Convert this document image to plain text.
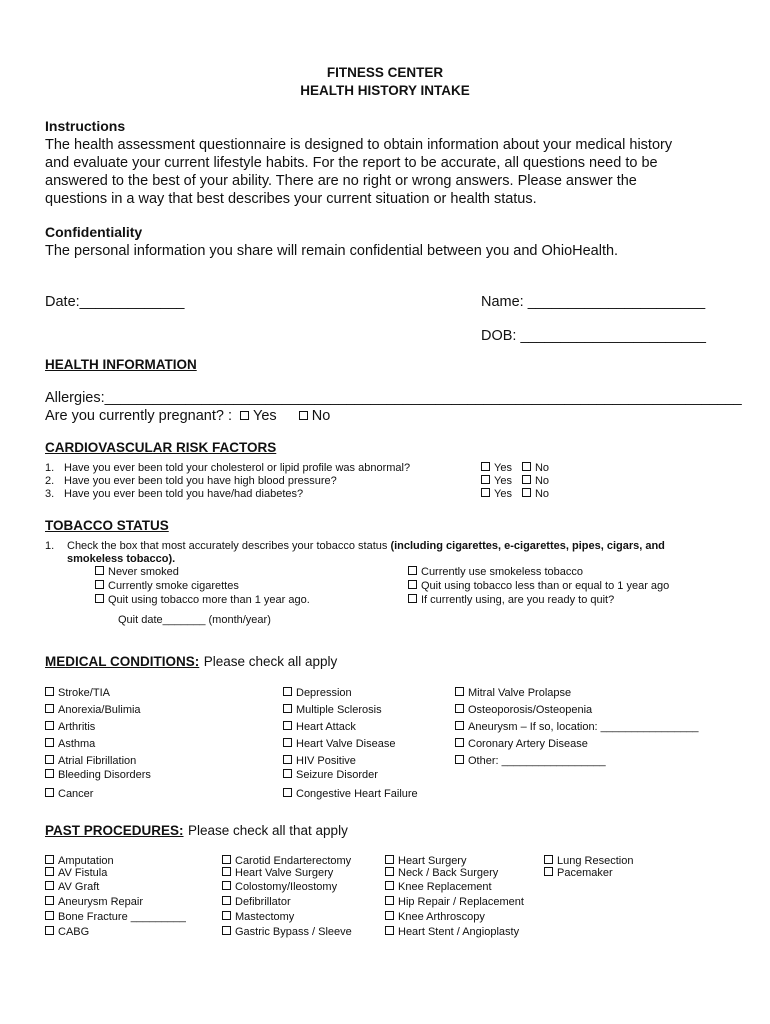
FITNESS CENTER
HEALTH HISTORY INTAKE
Instructions
The health assessment questionnaire is designed to obtain information about your medical history
and evaluate your current lifestyle habits. For the report to be accurate, all questions need to be
answered to the best of your ability. There are no right or wrong answers. Please answer the
questions in a way that best describes your current situation or health status.
Confidentiality
The personal information you share will remain confidential between you and OhioHealth.
Date:_____________	Name: ______________________
DOB: _______________________
HEALTH INFORMATION
Allergies:_______________________________________________________________________________
Are you currently pregnant? : Yes No
CARDIOVASCULAR RISK FACTORS
1. Have you ever been told your cholesterol or lipid profile was abnormal?
2. Have you ever been told you have high blood pressure?
3. Have you ever been told you have/had diabetes?
Yes No
Yes No
Yes No
TOBACCO STATUS
1. Check the box that most accurately describes your tobacco status (including cigarettes, e-cigarettes, pipes, cigars, and
smokeless tobacco).
Never smoked
Currently smoke cigarettes
Quit using tobacco more than 1 year ago.
Currently use smokeless tobacco
Quit using tobacco less than or equal to 1 year ago
If currently using, are you ready to quit?
Quit date_______ (month/year)
MEDICAL CONDITIONS: Please check all apply
Stroke/TIA
Anorexia/Bulimia
Arthritis
Asthma
Atrial Fibrillation
Bleeding Disorders
Cancer
Depression
Multiple Sclerosis
Heart Attack
Heart Valve Disease
HIV Positive
Seizure Disorder
Congestive Heart Failure
Mitral Valve Prolapse
Osteoporosis/Osteopenia
Aneurysm – If so, location: ________________
Coronary Artery Disease
Other: _________________
PAST PROCEDURES: Please check all that apply
Amputation
AV Fistula
AV Graft
Aneurysm Repair
Bone Fracture _________
CABG
Carotid Endarterectomy
Heart Valve Surgery
Colostomy/Ileostomy
Defibrillator
Mastectomy
Gastric Bypass / Sleeve
Heart Surgery
Neck / Back Surgery
Knee Replacement
Hip Repair / Replacement
Knee Arthroscopy
Heart Stent / Angioplasty
Lung Resection
Pacemaker
